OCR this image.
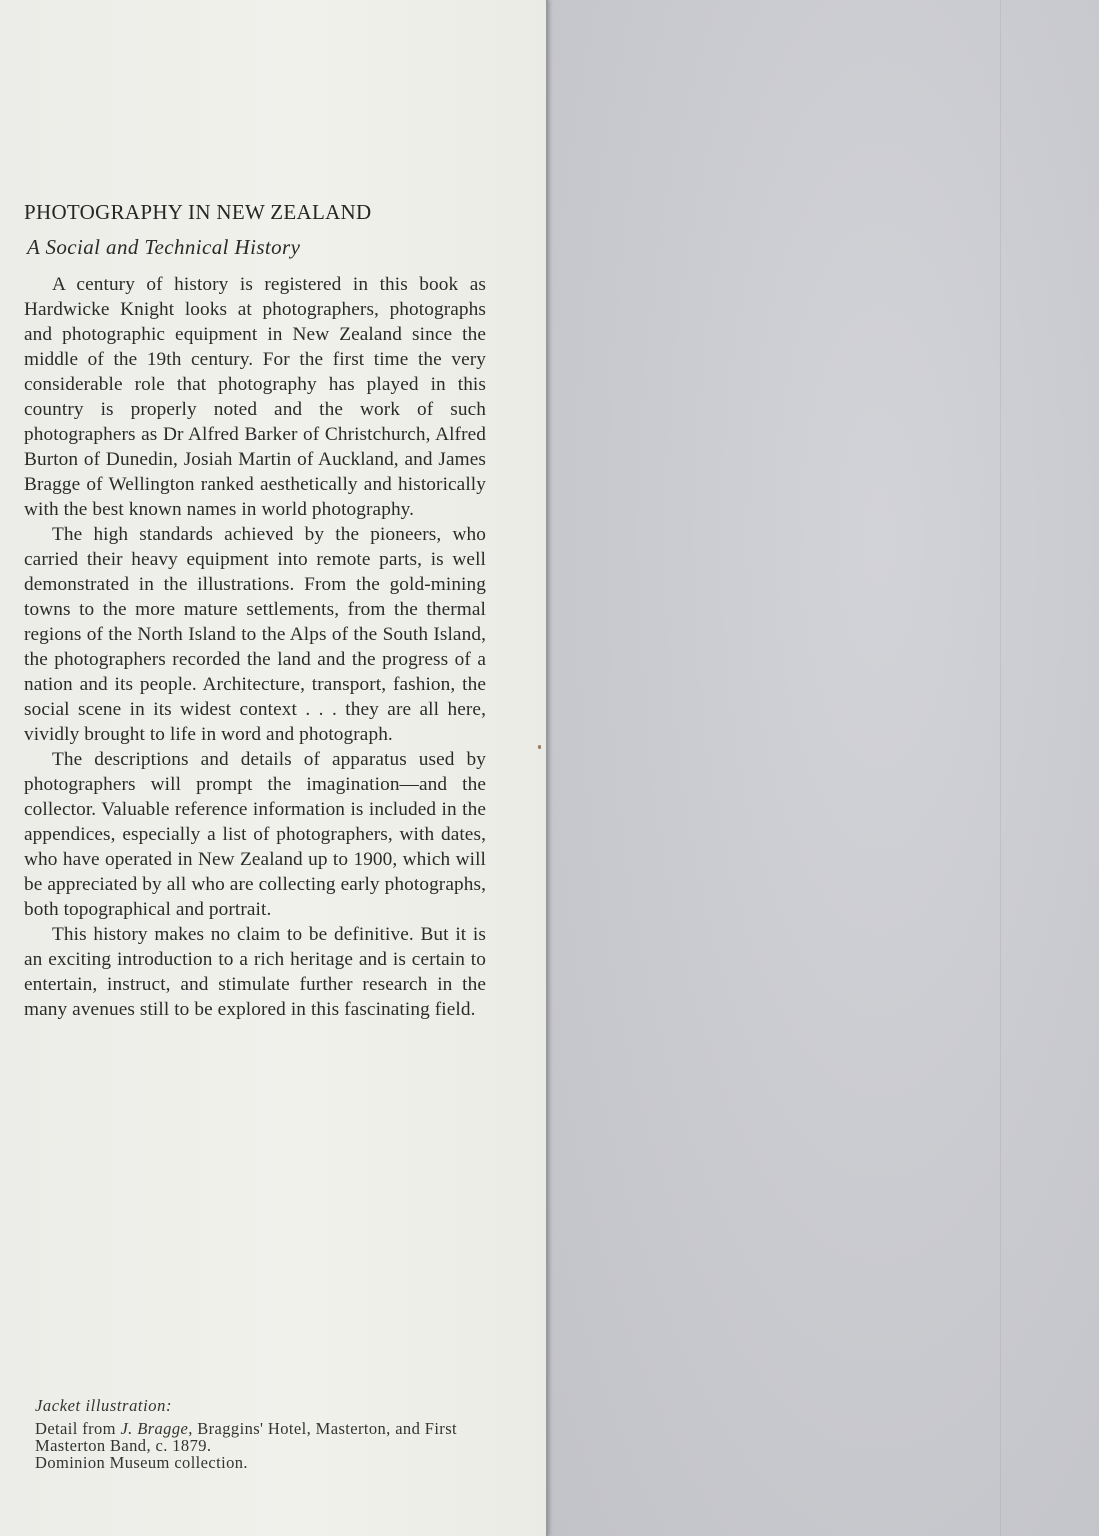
PHOTOGRAPHY IN NEW ZEALAND
A Social and Technical History

A century of history is registered in this book as Hardwicke Knight looks at photographers, photographs and photographic equipment in New Zealand since the middle of the 19th century. For the first time the very considerable role that photography has played in this country is properly noted and the work of such photographers as Dr Alfred Barker of Christchurch, Alfred Burton of Dunedin, Josiah Martin of Auckland, and James Bragge of Wellington ranked aesthetically and historically with the best known names in world photography.

The high standards achieved by the pioneers, who carried their heavy equipment into remote parts, is well demonstrated in the illustrations. From the gold-mining towns to the more mature settlements, from the thermal regions of the North Island to the Alps of the South Island, the photographers recorded the land and the progress of a nation and its people. Architecture, transport, fashion, the social scene in its widest context . . . they are all here, vividly brought to life in word and photograph.

The descriptions and details of apparatus used by photographers will prompt the imagination—and the collector. Valuable reference information is included in the appendices, especially a list of photographers, with dates, who have operated in New Zealand up to 1900, which will be appreciated by all who are collecting early photographs, both topographical and portrait.

This history makes no claim to be definitive. But it is an exciting introduction to a rich heritage and is certain to entertain, instruct, and stimulate further research in the many avenues still to be explored in this fascinating field.

Jacket illustration:

Detail from J. Bragge, Braggins' Hotel, Masterton, and First Masterton Band, c. 1879.
Dominion Museum collection.
